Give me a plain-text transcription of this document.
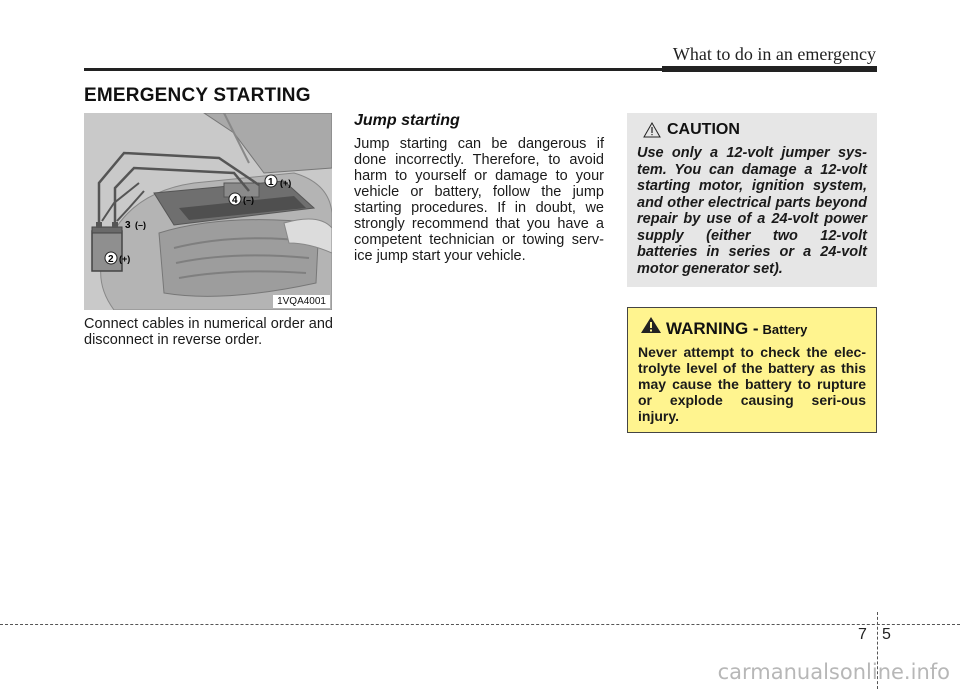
What to do in an emergency
EMERGENCY STARTING
1 (+)
4 (–)
3 (–)
2 (+)
1VQA4001
Connect cables in numerical order and disconnect in reverse order.
Jump starting
Jump starting can be dangerous if done incorrectly. Therefore, to avoid harm to yourself or damage to your vehicle or battery, follow the jump starting procedures. If in doubt, we strongly recommend that you have a competent technician or towing serv-ice jump start your vehicle.
CAUTION
Use only a 12-volt jumper sys-tem. You can damage a 12-volt starting motor, ignition system, and other electrical parts beyond repair by use of a 24-volt power supply (either two 12-volt batteries in series or a 24-volt motor generator set).
WARNING - Battery
Never attempt to check the elec-trolyte level of the battery as this may cause the battery to rupture or explode causing seri-ous injury.
7 5
carmanualsonline.info
